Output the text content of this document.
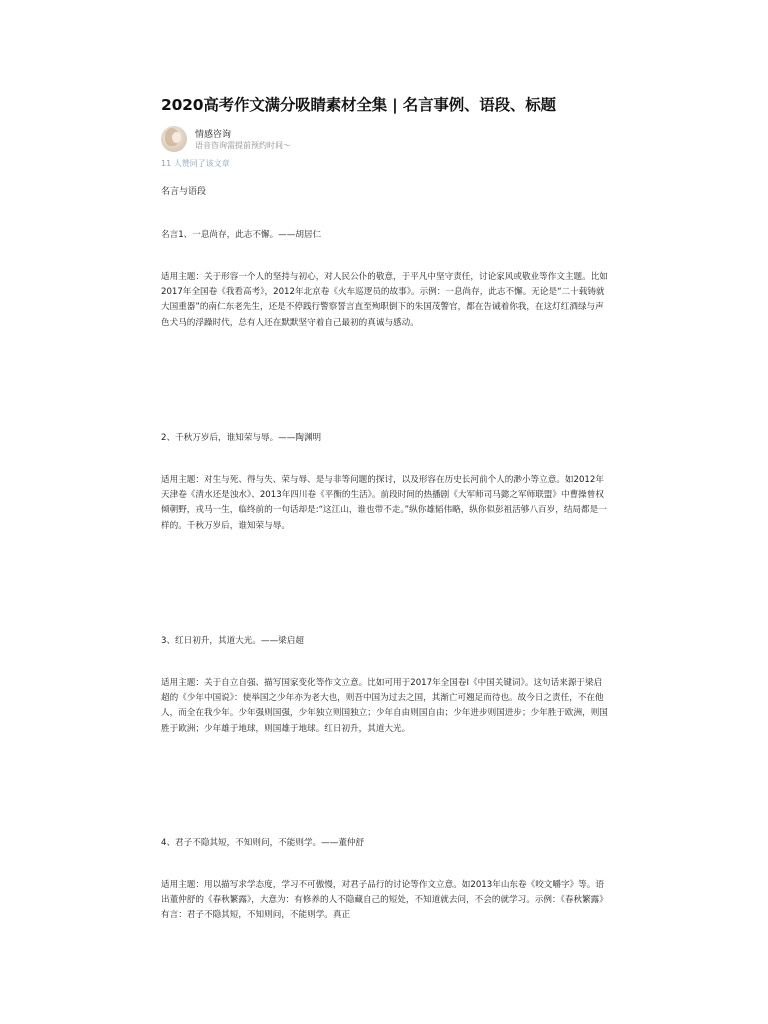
2020高考作文满分吸睛素材全集 | 名言事例、语段、标题
情感咨询
语音咨询需提前预约时间～
11 人赞同了该文章
名言与语段
名言1、一息尚存，此志不懈。——胡居仁
适用主题：关于形容一个人的坚持与初心，对人民公仆的敬意，于平凡中坚守责任，讨论家风或敬业等作文主题。比如2017年全国卷《我看高考》，2012年北京卷《火车巡逻员的故事》。示例：一息尚存，此志不懈。无论是“二十载铸就大国重器”的南仁东老先生，还是不停践行警察誓言直至殉职倒下的朱国茂警官，都在告诫着你我，在这灯红酒绿与声色犬马的浮躁时代，总有人还在默默坚守着自己最初的真诚与感动。
2、千秋万岁后，谁知荣与辱。——陶渊明
适用主题：对生与死、得与失、荣与辱、是与非等问题的探讨，以及形容在历史长河前个人的渺小等立意。如2012年天津卷《清水还是浊水》、2013年四川卷《平衡的生活》。前段时间的热播剧《大军师司马懿之军师联盟》中曹操曾权倾朝野，戎马一生，临终前的一句话却是:“这江山，谁也带不走。”纵你雄韬伟略，纵你似彭祖活够八百岁，结局都是一样的。千秋万岁后，谁知荣与辱。
3、红日初升，其道大光。——梁启超
适用主题：关于自立自强、描写国家变化等作文立意。比如可用于2017年全国卷I《中国关键词》。这句话来源于梁启超的《少年中国说》：使举国之少年亦为老大也，则吾中国为过去之国，其渐亡可翘足而待也。故今日之责任，不在他人，而全在我少年。少年强则国强，少年独立则国独立；少年自由则国自由；少年进步则国进步；少年胜于欧洲，则国胜于欧洲；少年雄于地球，则国雄于地球。红日初升，其道大光。
4、君子不隐其短，不知则问，不能则学。——董仲舒
适用主题：用以描写求学态度，学习不可傲慢，对君子品行的讨论等作文立意。如2013年山东卷《咬文嚼字》等。语出董仲舒的《春秋繁露》，大意为：有修养的人不隐藏自己的短处，不知道就去问，不会的就学习。示例：《春秋繁露》有言：君子不隐其短，不知则问，不能则学。真正
